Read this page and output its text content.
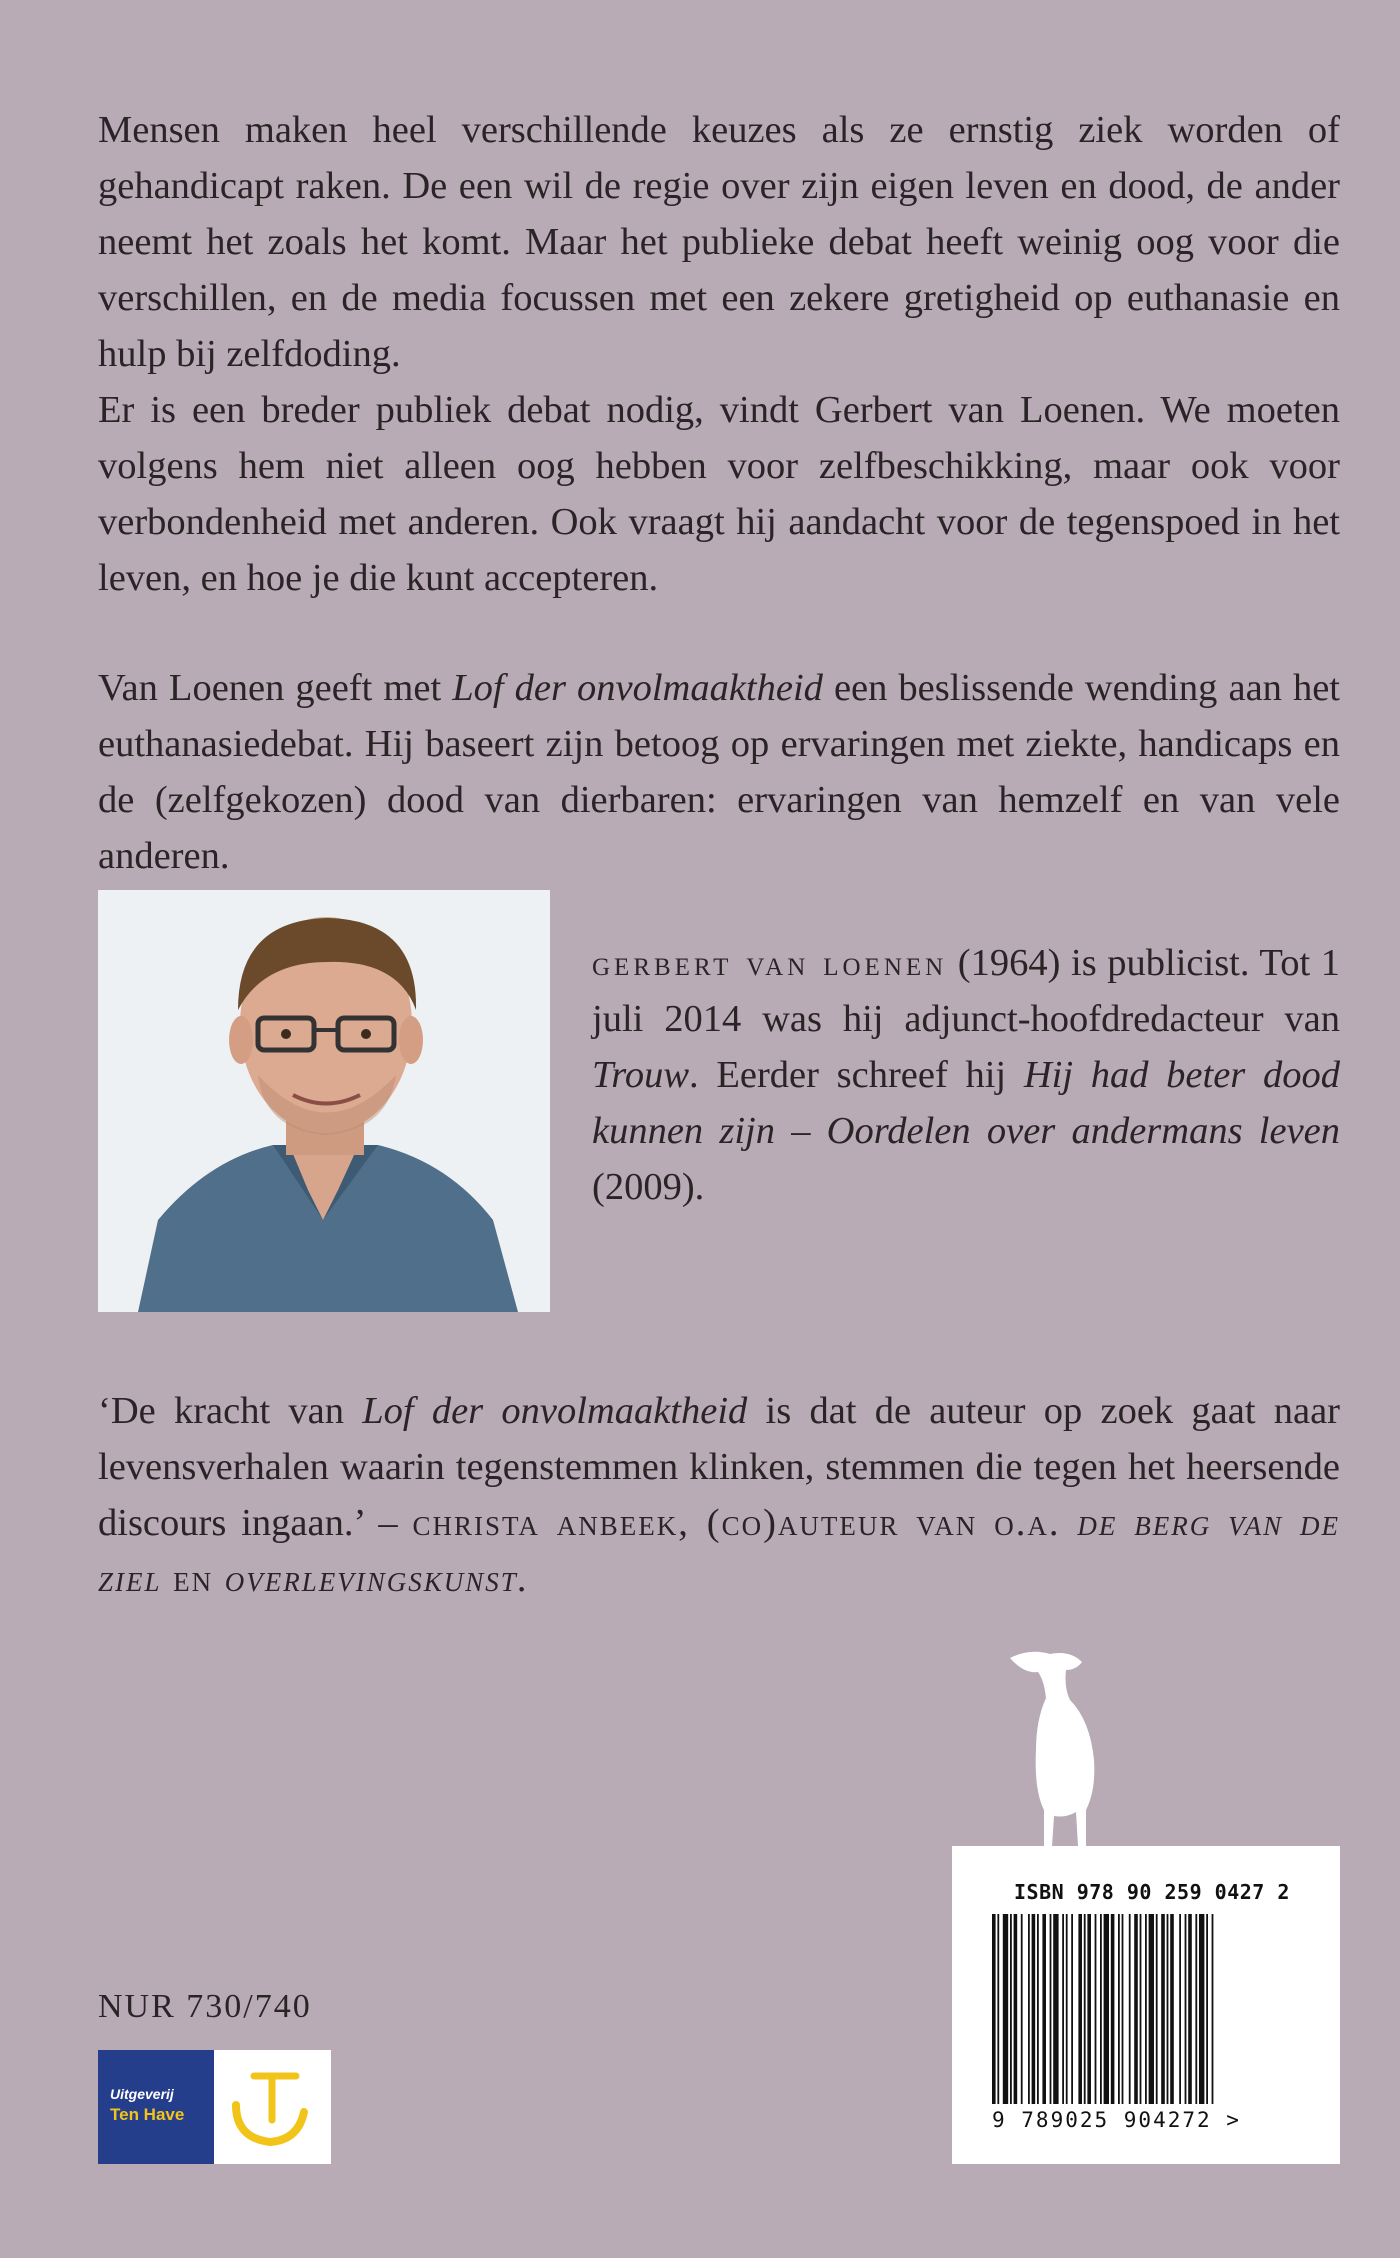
Mensen maken heel verschillende keuzes als ze ernstig ziek worden of gehandicapt raken. De een wil de regie over zijn eigen leven en dood, de ander neemt het zoals het komt. Maar het publieke debat heeft weinig oog voor die verschillen, en de media focussen met een zekere gretigheid op euthanasie en hulp bij zelfdoding.

Er is een breder publiek debat nodig, vindt Gerbert van Loenen. We moeten volgens hem niet alleen oog hebben voor zelfbeschikking, maar ook voor verbondenheid met anderen. Ook vraagt hij aandacht voor de tegenspoed in het leven, en hoe je die kunt accepteren.

Van Loenen geeft met Lof der onvolmaaktheid een beslissende wending aan het euthanasiedebat. Hij baseert zijn betoog op ervaringen met ziekte, handicaps en de (zelfgekozen) dood van dierbaren: ervaringen van hemzelf en van vele anderen.

gerbert van loenen (1964) is publicist. Tot 1 juli 2014 was hij adjunct-hoofdredacteur van Trouw. Eerder schreef hij Hij had beter dood kunnen zijn – Oordelen over andermans leven (2009).

‘De kracht van Lof der onvolmaaktheid is dat de auteur op zoek gaat naar levensverhalen waarin tegenstemmen klinken, stemmen die tegen het heersende discours ingaan.’ – christa anbeek, (co)auteur van o.a. de berg van de ziel en overlevingskunst.

NUR 730/740

Uitgeverij
Ten Have
ISBN 978 90 259 0427 2
9 789025 904272 >
